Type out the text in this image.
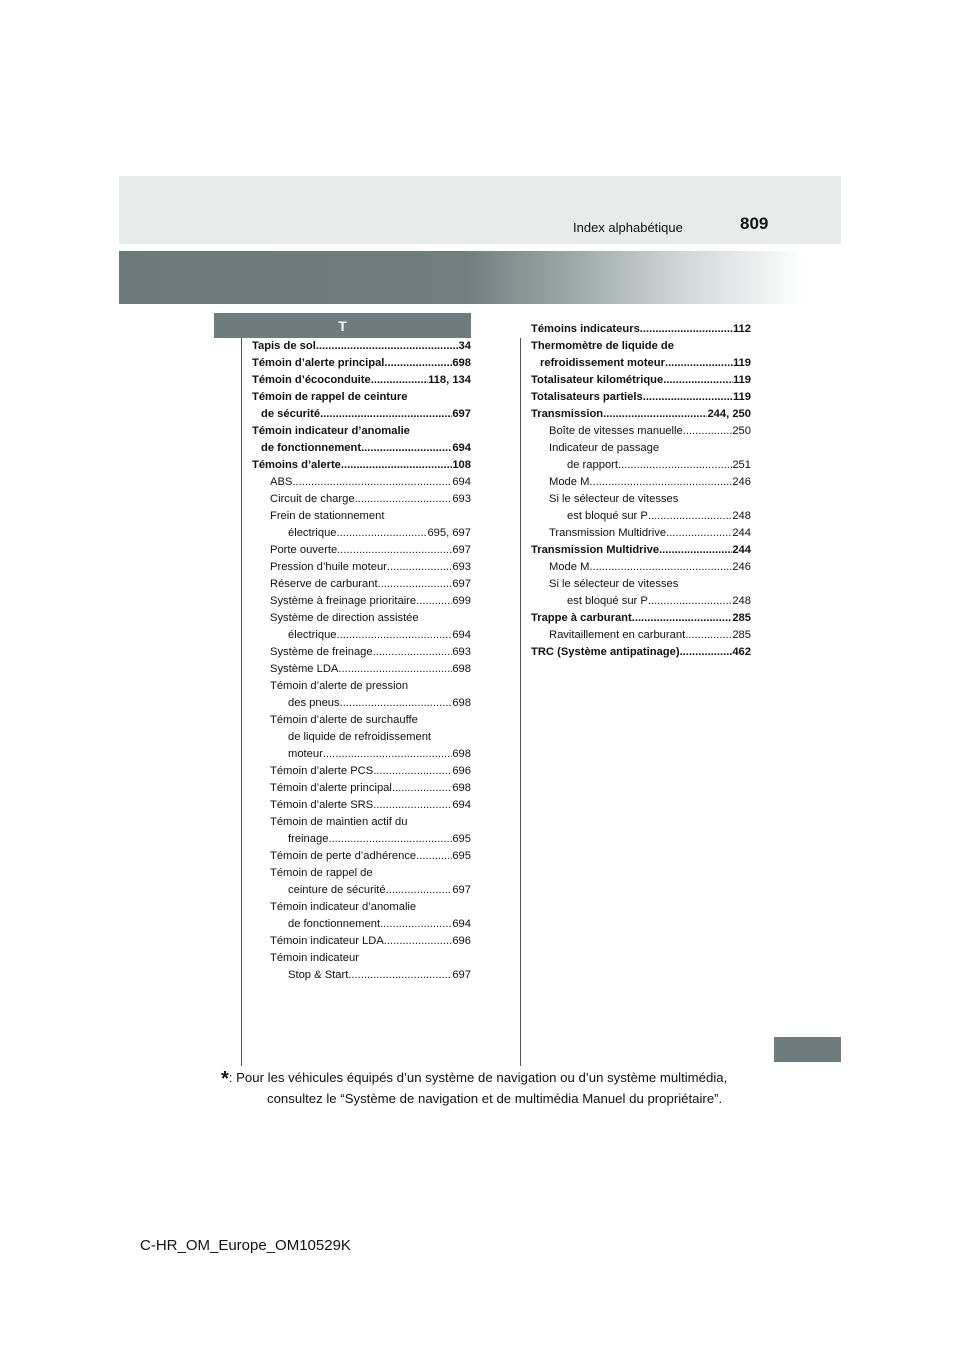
Index alphabétique	809
T
Tapis de sol .....	34
Témoin d’alerte principal .....	698
Témoin d’écoconduite .....	118, 134
Témoin de rappel de ceinture
de sécurité .....	697
Témoin indicateur d’anomalie
de fonctionnement .....	694
Témoins d’alerte .....	108
ABS .....	694
Circuit de charge .....	693
Frein de stationnement
électrique .....	695, 697
Porte ouverte .....	697
Pression d’huile moteur .....	693
Réserve de carburant .....	697
Système à freinage prioritaire .....	699
Système de direction assistée
électrique .....	694
Système de freinage .....	693
Système LDA .....	698
Témoin d’alerte de pression
des pneus .....	698
Témoin d’alerte de surchauffe
de liquide de refroidissement
moteur .....	698
Témoin d’alerte PCS .....	696
Témoin d’alerte principal .....	698
Témoin d’alerte SRS .....	694
Témoin de maintien actif du
freinage .....	695
Témoin de perte d’adhérence .....	695
Témoin de rappel de
ceinture de sécurité .....	697
Témoin indicateur d’anomalie
de fonctionnement .....	694
Témoin indicateur LDA .....	696
Témoin indicateur
Stop & Start .....	697
Témoins indicateurs .....	112
Thermomètre de liquide de
refroidissement moteur .....	119
Totalisateur kilométrique .....	119
Totalisateurs partiels .....	119
Transmission .....	244, 250
Boîte de vitesses manuelle .....	250
Indicateur de passage
de rapport .....	251
Mode M .....	246
Si le sélecteur de vitesses
est bloqué sur P .....	248
Transmission Multidrive .....	244
Transmission Multidrive .....	244
Mode M .....	246
Si le sélecteur de vitesses
est bloqué sur P .....	248
Trappe à carburant .....	285
Ravitaillement en carburant .....	285
TRC (Système antipatinage) .....	462
*: Pour les véhicules équipés d’un système de navigation ou d’un système multimédia,
consultez le “Système de navigation et de multimédia Manuel du propriétaire”.
C-HR_OM_Europe_OM10529K
